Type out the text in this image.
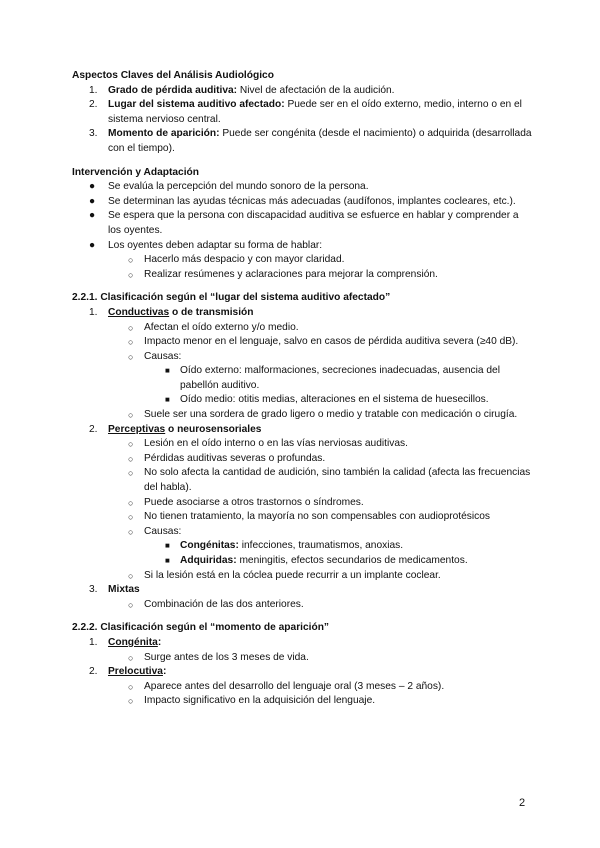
Aspectos Claves del Análisis Audiológico
1.	Grado de pérdida auditiva: Nivel de afectación de la audición.
2.	Lugar del sistema auditivo afectado: Puede ser en el oído externo, medio, interno o en el sistema nervioso central.
3.	Momento de aparición: Puede ser congénita (desde el nacimiento) o adquirida (desarrollada con el tiempo).
Intervención y Adaptación
● Se evalúa la percepción del mundo sonoro de la persona.
● Se determinan las ayudas técnicas más adecuadas (audífonos, implantes cocleares, etc.).
● Se espera que la persona con discapacidad auditiva se esfuerce en hablar y comprender a los oyentes.
● Los oyentes deben adaptar su forma de hablar:
○ Hacerlo más despacio y con mayor claridad.
○ Realizar resúmenes y aclaraciones para mejorar la comprensión.
2.2.1. Clasificación según el “lugar del sistema auditivo afectado”
1.	Conductivas o de transmisión
○ Afectan el oído externo y/o medio.
○ Impacto menor en el lenguaje, salvo en casos de pérdida auditiva severa (≥40 dB).
○ Causas:
■ Oído externo: malformaciones, secreciones inadecuadas, ausencia del pabellón auditivo.
■ Oído medio: otitis medias, alteraciones en el sistema de huesecillos.
○ Suele ser una sordera de grado ligero o medio y tratable con medicación o cirugía.
2.	Perceptivas o neurosensoriales
○ Lesión en el oído interno o en las vías nerviosas auditivas.
○ Pérdidas auditivas severas o profundas.
○ No solo afecta la cantidad de audición, sino también la calidad (afecta las frecuencias del habla).
○ Puede asociarse a otros trastornos o síndromes.
○ No tienen tratamiento, la mayoría no son compensables con audioprotésicos
○ Causas:
■ Congénitas: infecciones, traumatismos, anoxias.
■ Adquiridas: meningitis, efectos secundarios de medicamentos.
○ Si la lesión está en la cóclea puede recurrir a un implante coclear.
3.	Mixtas
○ Combinación de las dos anteriores.
2.2.2. Clasificación según el “momento de aparición”
1.	Congénita:
○ Surge antes de los 3 meses de vida.
2.	Prelocutiva:
○ Aparece antes del desarrollo del lenguaje oral (3 meses – 2 años).
○ Impacto significativo en la adquisición del lenguaje.
2
